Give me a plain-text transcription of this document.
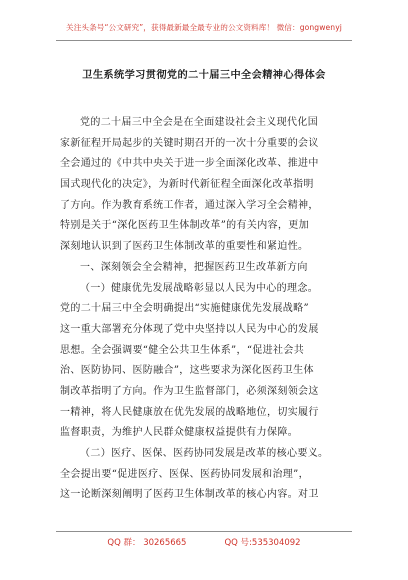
关注头条号“公文研究”，获得最新最全最专业的公文资料库！ 微信：gongwenyj
卫生系统学习贯彻党的二十届三中全会精神心得体会
党的二十届三中全会是在全面建设社会主义现代化国
家新征程开局起步的关键时期召开的一次十分重要的会议
全会通过的《中共中央关于进一步全面深化改革、推进中
国式现代化的决定》，为新时代新征程全面深化改革指明
了方向。作为教育系统工作者，通过深入学习全会精神，
特别是关于“深化医药卫生体制改革”的有关内容，更加
深刻地认识到了医药卫生体制改革的重要性和紧迫性。
一、深刻领会全会精神，把握医药卫生改革新方向
（一）健康优先发展战略彰显以人民为中心的理念。
党的二十届三中全会明确提出“实施健康优先发展战略”
这一重大部署充分体现了党中央坚持以人民为中心的发展
思想。全会强调要“健全公共卫生体系”，“促进社会共
治、医防协同、医防融合”，这些要求为深化医药卫生体
制改革指明了方向。作为卫生监督部门，必须深刻领会这
一精神，将人民健康放在优先发展的战略地位，切实履行
监督职责，为维护人民群众健康权益提供有力保障。
（二）医疗、医保、医药协同发展是改革的核心要义。
全会提出要“促进医疗、医保、医药协同发展和治理”，
这一论断深刻阐明了医药卫生体制改革的核心内容。对卫
QQ 群： 30265665	QQ 号:535304092
